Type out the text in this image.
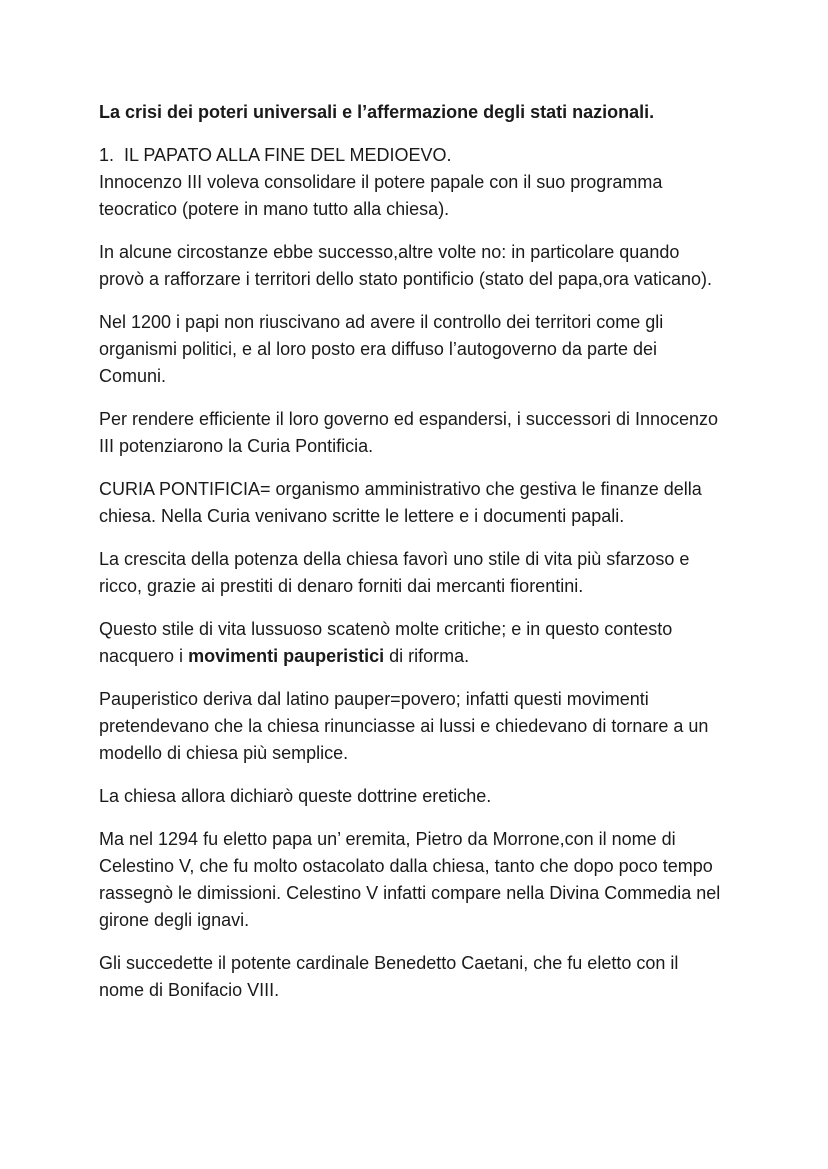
La crisi dei poteri universali e l’affermazione degli stati nazionali.
1.  IL PAPATO ALLA FINE DEL MEDIOEVO.
Innocenzo III voleva consolidare il potere papale con il suo programma
teocratico (potere in mano tutto alla chiesa).
In alcune circostanze ebbe successo,altre volte no: in particolare quando
provò a rafforzare i territori dello stato pontificio (stato del papa,ora vaticano).
Nel 1200 i papi non riuscivano ad avere il controllo dei territori come gli
organismi politici, e al loro posto era diffuso l’autogoverno da parte dei
Comuni.
Per rendere efficiente il loro governo ed espandersi, i successori di Innocenzo
III potenziarono la Curia Pontificia.
CURIA PONTIFICIA= organismo amministrativo che gestiva le finanze della
chiesa. Nella Curia venivano scritte le lettere e i documenti papali.
La crescita della potenza della chiesa favorì uno stile di vita più sfarzoso e
ricco, grazie ai prestiti di denaro forniti dai mercanti fiorentini.
Questo stile di vita lussuoso scatenò molte critiche; e in questo contesto
nacquero i movimenti pauperistici di riforma.
Pauperistico deriva dal latino pauper=povero; infatti questi movimenti
pretendevano che la chiesa rinunciasse ai lussi e chiedevano di tornare a un
modello di chiesa più semplice.
La chiesa allora dichiarò queste dottrine eretiche.
Ma nel 1294 fu eletto papa un’ eremita, Pietro da Morrone,con il nome di
Celestino V, che fu molto ostacolato dalla chiesa, tanto che dopo poco tempo
rassegnò le dimissioni. Celestino V infatti compare nella Divina Commedia nel
girone degli ignavi.
Gli succedette il potente cardinale Benedetto Caetani, che fu eletto con il
nome di Bonifacio VIII.
